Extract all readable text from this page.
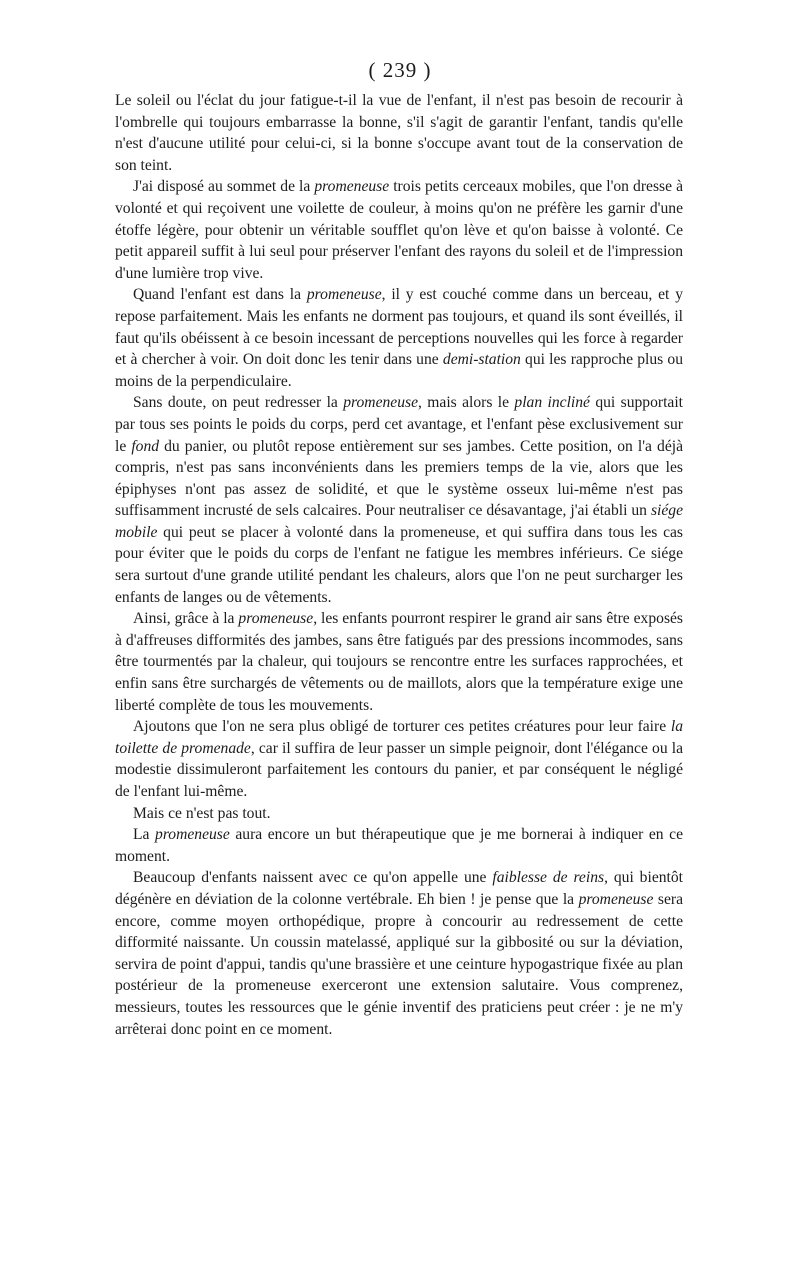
( 239 )

Le soleil ou l'éclat du jour fatigue-t-il la vue de l'enfant, il n'est pas besoin de recourir à l'ombrelle qui toujours embarrasse la bonne, s'il s'agit de garantir l'enfant, tandis qu'elle n'est d'aucune utilité pour celui-ci, si la bonne s'occupe avant tout de la conservation de son teint.

J'ai disposé au sommet de la promeneuse trois petits cerceaux mobiles, que l'on dresse à volonté et qui reçoivent une voilette de couleur, à moins qu'on ne préfère les garnir d'une étoffe légère, pour obtenir un véritable soufflet qu'on lève et qu'on baisse à volonté. Ce petit appareil suffit à lui seul pour préserver l'enfant des rayons du soleil et de l'impression d'une lumière trop vive.

Quand l'enfant est dans la promeneuse, il y est couché comme dans un berceau, et y repose parfaitement. Mais les enfants ne dorment pas toujours, et quand ils sont éveillés, il faut qu'ils obéissent à ce besoin incessant de perceptions nouvelles qui les force à regarder et à chercher à voir. On doit donc les tenir dans une demi-station qui les rapproche plus ou moins de la perpendiculaire.

Sans doute, on peut redresser la promeneuse, mais alors le plan incliné qui supportait par tous ses points le poids du corps, perd cet avantage, et l'enfant pèse exclusivement sur le fond du panier, ou plutôt repose entièrement sur ses jambes. Cette position, on l'a déjà compris, n'est pas sans inconvénients dans les premiers temps de la vie, alors que les épiphyses n'ont pas assez de solidité, et que le système osseux lui-même n'est pas suffisamment incrusté de sels calcaires. Pour neutraliser ce désavantage, j'ai établi un siége mobile qui peut se placer à volonté dans la promeneuse, et qui suffira dans tous les cas pour éviter que le poids du corps de l'enfant ne fatigue les membres inférieurs. Ce siége sera surtout d'une grande utilité pendant les chaleurs, alors que l'on ne peut surcharger les enfants de langes ou de vêtements.

Ainsi, grâce à la promeneuse, les enfants pourront respirer le grand air sans être exposés à d'affreuses difformités des jambes, sans être fatigués par des pressions incommodes, sans être tourmentés par la chaleur, qui toujours se rencontre entre les surfaces rapprochées, et enfin sans être surchargés de vêtements ou de maillots, alors que la température exige une liberté complète de tous les mouvements.

Ajoutons que l'on ne sera plus obligé de torturer ces petites créatures pour leur faire la toilette de promenade, car il suffira de leur passer un simple peignoir, dont l'élégance ou la modestie dissimuleront parfaitement les contours du panier, et par conséquent le négligé de l'enfant lui-même.

Mais ce n'est pas tout.

La promeneuse aura encore un but thérapeutique que je me bornerai à indiquer en ce moment.

Beaucoup d'enfants naissent avec ce qu'on appelle une faiblesse de reins, qui bientôt dégénère en déviation de la colonne vertébrale. Eh bien ! je pense que la promeneuse sera encore, comme moyen orthopédique, propre à concourir au redressement de cette difformité naissante. Un coussin matelassé, appliqué sur la gibbosité ou sur la déviation, servira de point d'appui, tandis qu'une brassière et une ceinture hypogastrique fixée au plan postérieur de la promeneuse exerceront une extension salutaire. Vous comprenez, messieurs, toutes les ressources que le génie inventif des praticiens peut créer : je ne m'y arrêterai donc point en ce moment.
